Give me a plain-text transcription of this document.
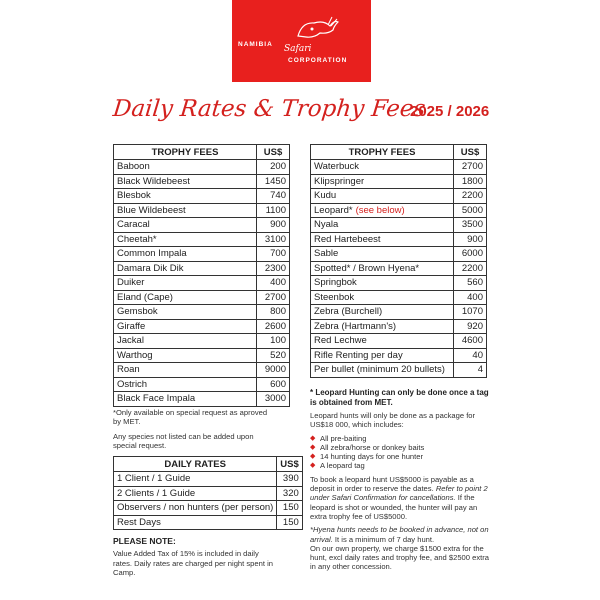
NAMIBIA Safari
CORPORATION
Daily Rates & Trophy Fees
2025 / 2026
TROPHY FEES	US$
Baboon	200
Black Wildebeest	1450
Blesbok	740
Blue Wildebeest	1100
Caracal	900
Cheetah*	3100
Common Impala	700
Damara Dik Dik	2300
Duiker	400
Eland (Cape)	2700
Gemsbok	800
Giraffe	2600
Jackal	100
Warthog	520
Roan	9000
Ostrich	600
Black Face Impala	3000
TROPHY FEES	US$
Waterbuck	2700
Klipspringer	1800
Kudu	2200
Leopard* (see below)	5000
Nyala	3500
Red Hartebeest	900
Sable	6000
Spotted* / Brown Hyena*	2200
Springbok	560
Steenbok	400
Zebra (Burchell)	1070
Zebra (Hartmann's)	920
Red Lechwe	4600
Rifle Renting per day	40
Per bullet (minimum 20 bullets)	4
*Only available on special request as aproved by MET.
Any species not listed can be added upon special request.
DAILY RATES	US$
1 Client / 1 Guide	390
2 Clients / 1 Guide	320
Observers / non hunters (per person)	150
Rest Days	150
PLEASE NOTE:
Value Added Tax of 15% is included in daily rates. Daily rates are charged per night spent in Camp.
* Leopard Hunting can only be done once a tag is obtained from MET.
Leopard hunts will only be done as a package for US$18 000, which includes:
◆ All pre-baiting
◆ All zebra/horse or donkey baits
◆ 14 hunting days for one hunter
◆ A leopard tag
To book a leopard hunt US$5000 is payable as a deposit in order to reserve the dates. Refer to point 2 under Safari Confirmation for cancellations. If the leopard is shot or wounded, the hunter will pay an extra trophy fee of US$5000.
*Hyena hunts needs to be booked in advance, not on arrival. It is a minimum of 7 day hunt.
On our own property, we charge $1500 extra for the hunt, excl daily rates and trophy fee, and $2500 extra in any other concession.
